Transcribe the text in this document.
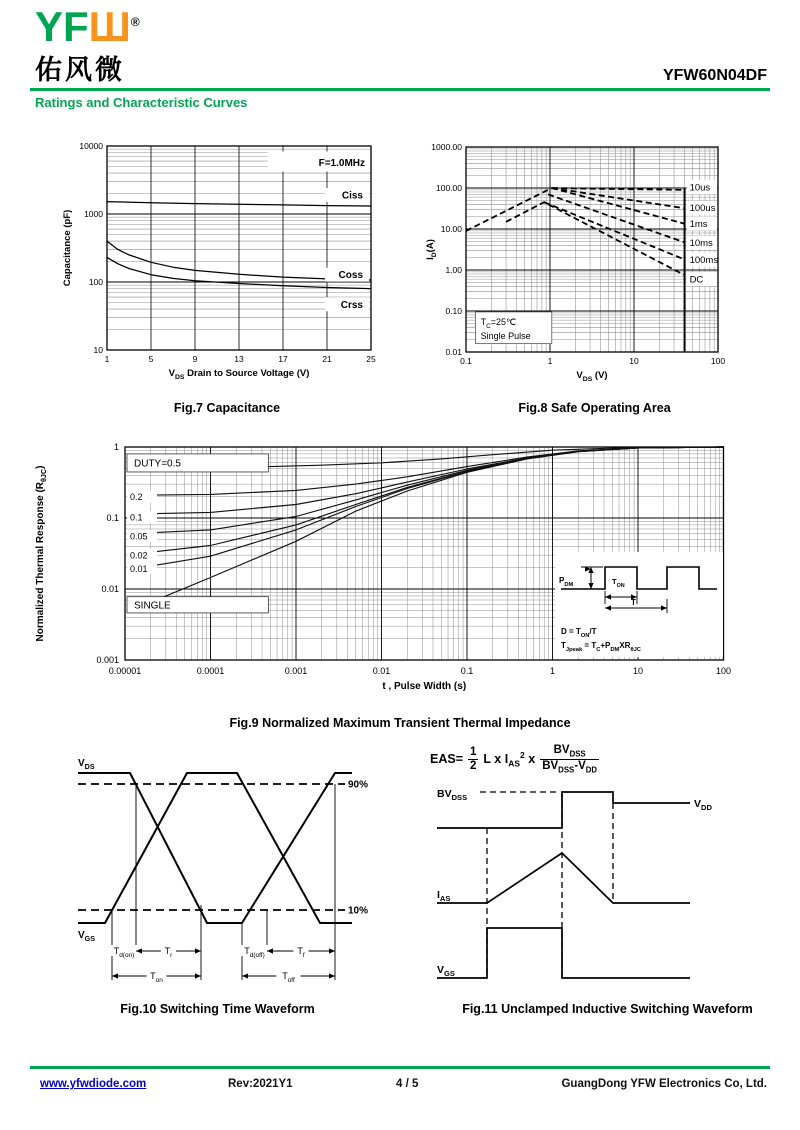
YFШ®
佑风微	YFW60N04DF
Ratings and Characteristic Curves
F=1.0MHz
Ciss
Coss
Crss
10000
1000
100
10
1	5	9	13	17	21	25
$V_{DS}$ Drain to Source Voltage (V)
Capacitance (pF)
Fig.7 Capacitance
10us
100us
1ms
10ms
100ms
DC
$T_C=25℃$
Single Pulse
1000.00
100.00
10.00
1.00
0.10
0.01
0.1	1	10	100
$V_{DS}$ (V)
$I_D(A)$
Fig.8 Safe Operating Area
DUTY=0.5
0.2
0.1
0.05
0.02
0.01
SINGLE
$P_{DM}$	$T_{ON}$
T
$D = T_{ON}/T$
$T_{Jpeak} = T_C+P_{DM}XR_{\theta JC}$
1
0.1
0.01
0.001
0.00001	0.0001	0.001	0.01	0.1	1	10	100
t , Pulse Width (s)
Normalized Thermal Response $(R_{\theta JC})$
Fig.9 Normalized Maximum Transient Thermal Impedance
90%
10%
$V_{DS}$
$V_{GS}$
$T_{d(on)}$	$T_r$	$T_{d(off)}$	$T_f$
$T_{on}$	$T_{off}$
Fig.10 Switching Time Waveform
$EAS= \frac{1}{2}$ L x $I_{AS}^2$ x $\frac{BV_{DSS}}{BV_{DSS}-V_{DD}}$
$BV_{DSS}$
$V_{DD}$
$I_{AS}$
$V_{GS}$
Fig.11 Unclamped Inductive Switching Waveform
www.yfwdiode.com	Rev:2021Y1	4 / 5	GuangDong YFW Electronics Co, Ltd.
